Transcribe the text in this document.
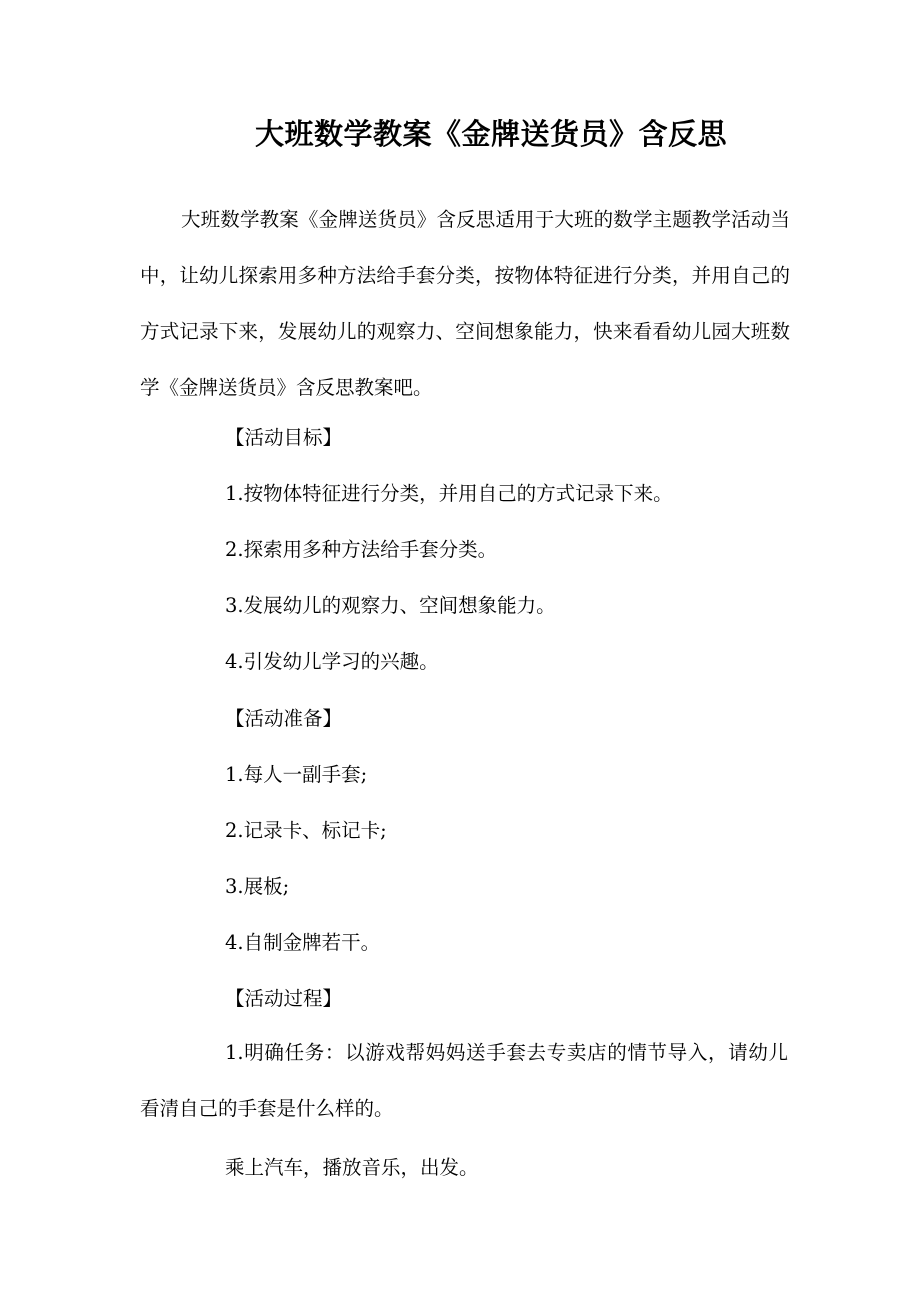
大班数学教案《金牌送货员》含反思

大班数学教案《金牌送货员》含反思适用于大班的数学主题教学活动当中，让幼儿探索用多种方法给手套分类，按物体特征进行分类，并用自己的方式记录下来，发展幼儿的观察力、空间想象能力，快来看看幼儿园大班数学《金牌送货员》含反思教案吧。

【活动目标】

1.按物体特征进行分类，并用自己的方式记录下来。

2.探索用多种方法给手套分类。

3.发展幼儿的观察力、空间想象能力。

4.引发幼儿学习的兴趣。

【活动准备】

1.每人一副手套;

2.记录卡、标记卡;

3.展板;

4.自制金牌若干。

【活动过程】

1.明确任务：以游戏帮妈妈送手套去专卖店的情节导入，请幼儿看清自己的手套是什么样的。

乘上汽车，播放音乐，出发。
